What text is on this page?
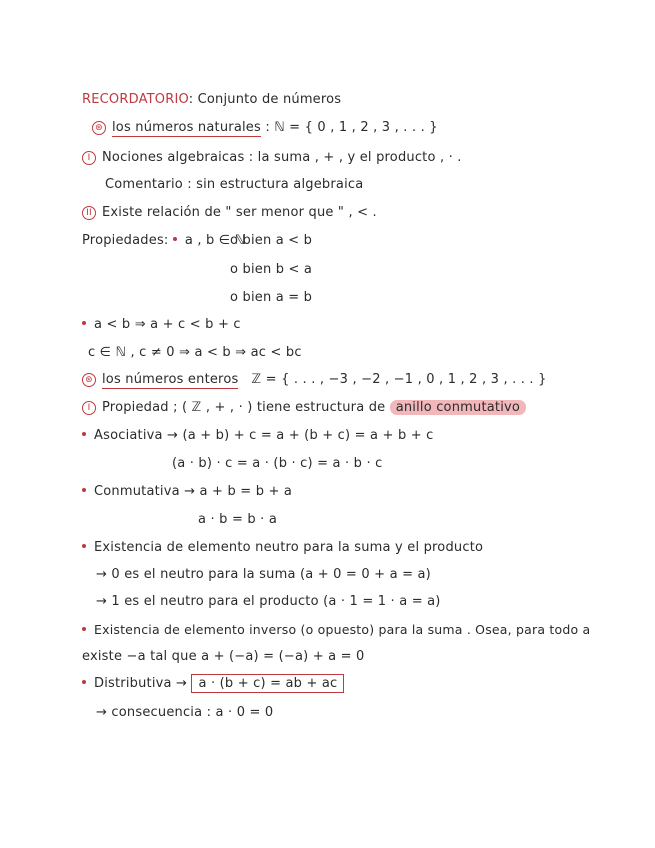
RECORDATORIO: Conjunto de números
⊛ los números naturales : ℕ = { 0 , 1 , 2 , 3 , . . . }
I Nociones algebraicas : la suma , + , y el producto , · .
Comentario : sin estructura algebraica
II Existe relación de " ser menor que " , < .
Propiedades: a , b ∈ ℕ
o bien a < b
o bien b < a
o bien a = b
a < b ⇒ a + c < b + c
c ∈ ℕ , c ≠ 0 ⇒ a < b ⇒ ac < bc
⊛ los números enteros ℤ = { . . . , −3 , −2 , −1 , 0 , 1 , 2 , 3 , . . . }
I Propiedad ; ( ℤ , + , · ) tiene estructura de anillo conmutativo
Asociativa → (a + b) + c = a + (b + c) = a + b + c
(a · b) · c = a · (b · c) = a · b · c
Conmutativa → a + b = b + a
a · b = b · a
Existencia de elemento neutro para la suma y el producto
→ 0 es el neutro para la suma (a + 0 = 0 + a = a)
→ 1 es el neutro para el producto (a · 1 = 1 · a = a)
Existencia de elemento inverso (o opuesto) para la suma . Osea, para todo a
existe −a tal que a + (−a) = (−a) + a = 0
Distributiva → a · (b + c) = ab + ac
→ consecuencia : a · 0 = 0
